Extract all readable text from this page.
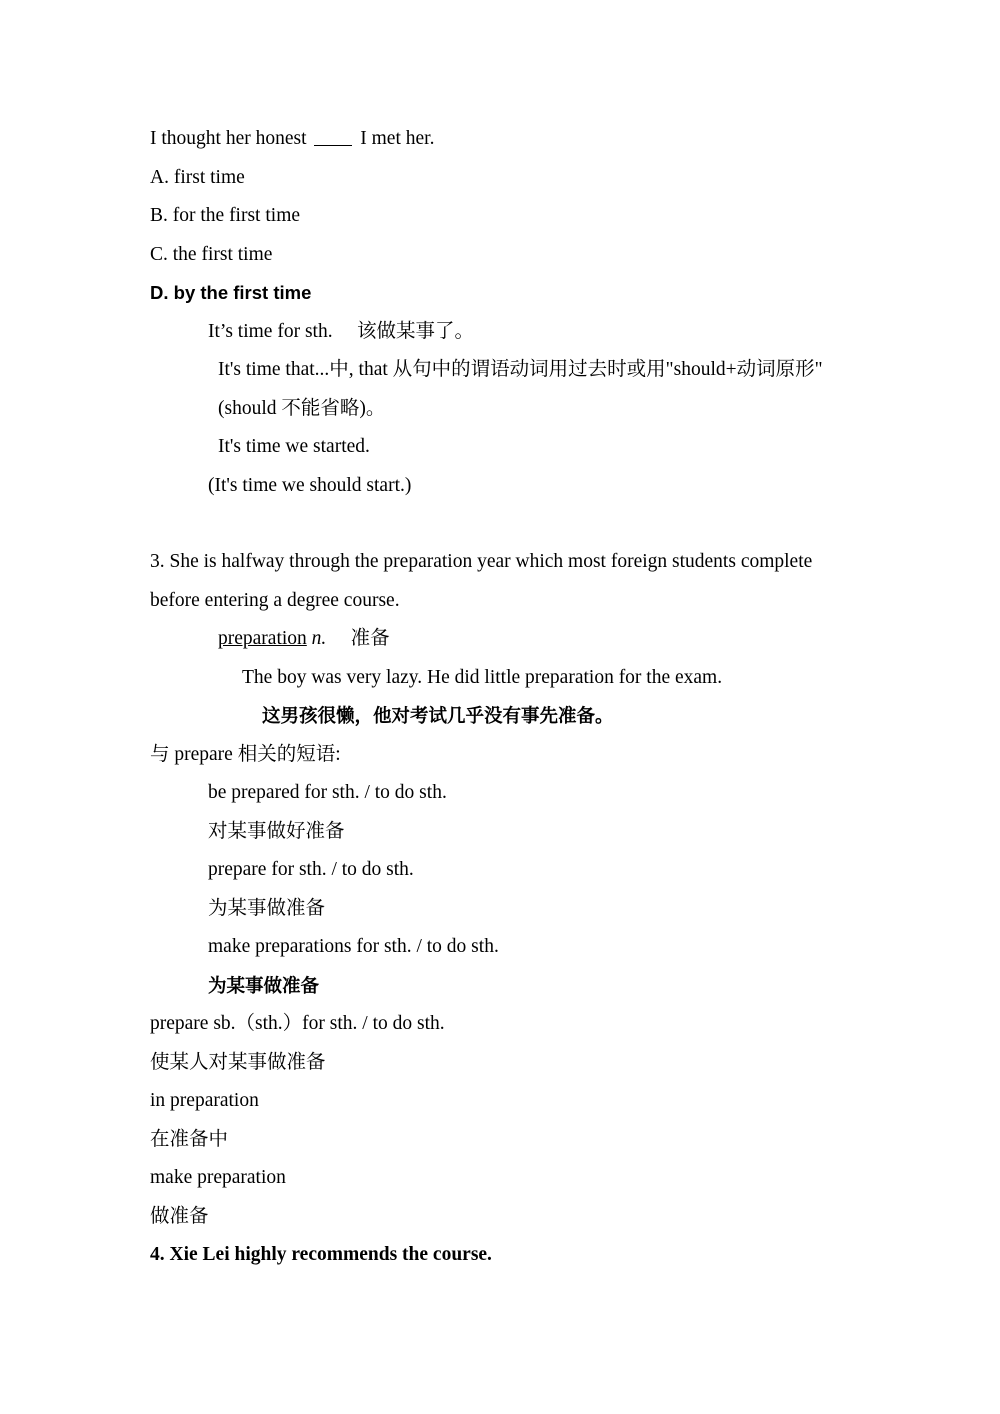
I thought her honest  I met her.
A. first time
B. for the first time
C. the first time
D. by the first time
It’s time for sth.  该做某事了。
It's time that...中, that 从句中的谓语动词用过去时或用"should+动词原形"(should 不能省略)。
It's time we started.
(It's time we should start.)
3. She is halfway through the preparation year which most foreign students complete before entering a degree course.
preparation n. 准备
The boy was very lazy. He did little preparation for the exam.
这男孩很懒，他对考试几乎没有事先准备。
与 prepare 相关的短语:
be prepared for sth. / to do sth.
对某事做好准备
prepare for sth. / to do sth.
为某事做准备
make preparations for sth. / to do sth.
为某事做准备
prepare sb.（sth.）for sth. / to do sth.
使某人对某事做准备
in preparation
在准备中
make preparation
做准备
4. Xie Lei highly recommends the course.
